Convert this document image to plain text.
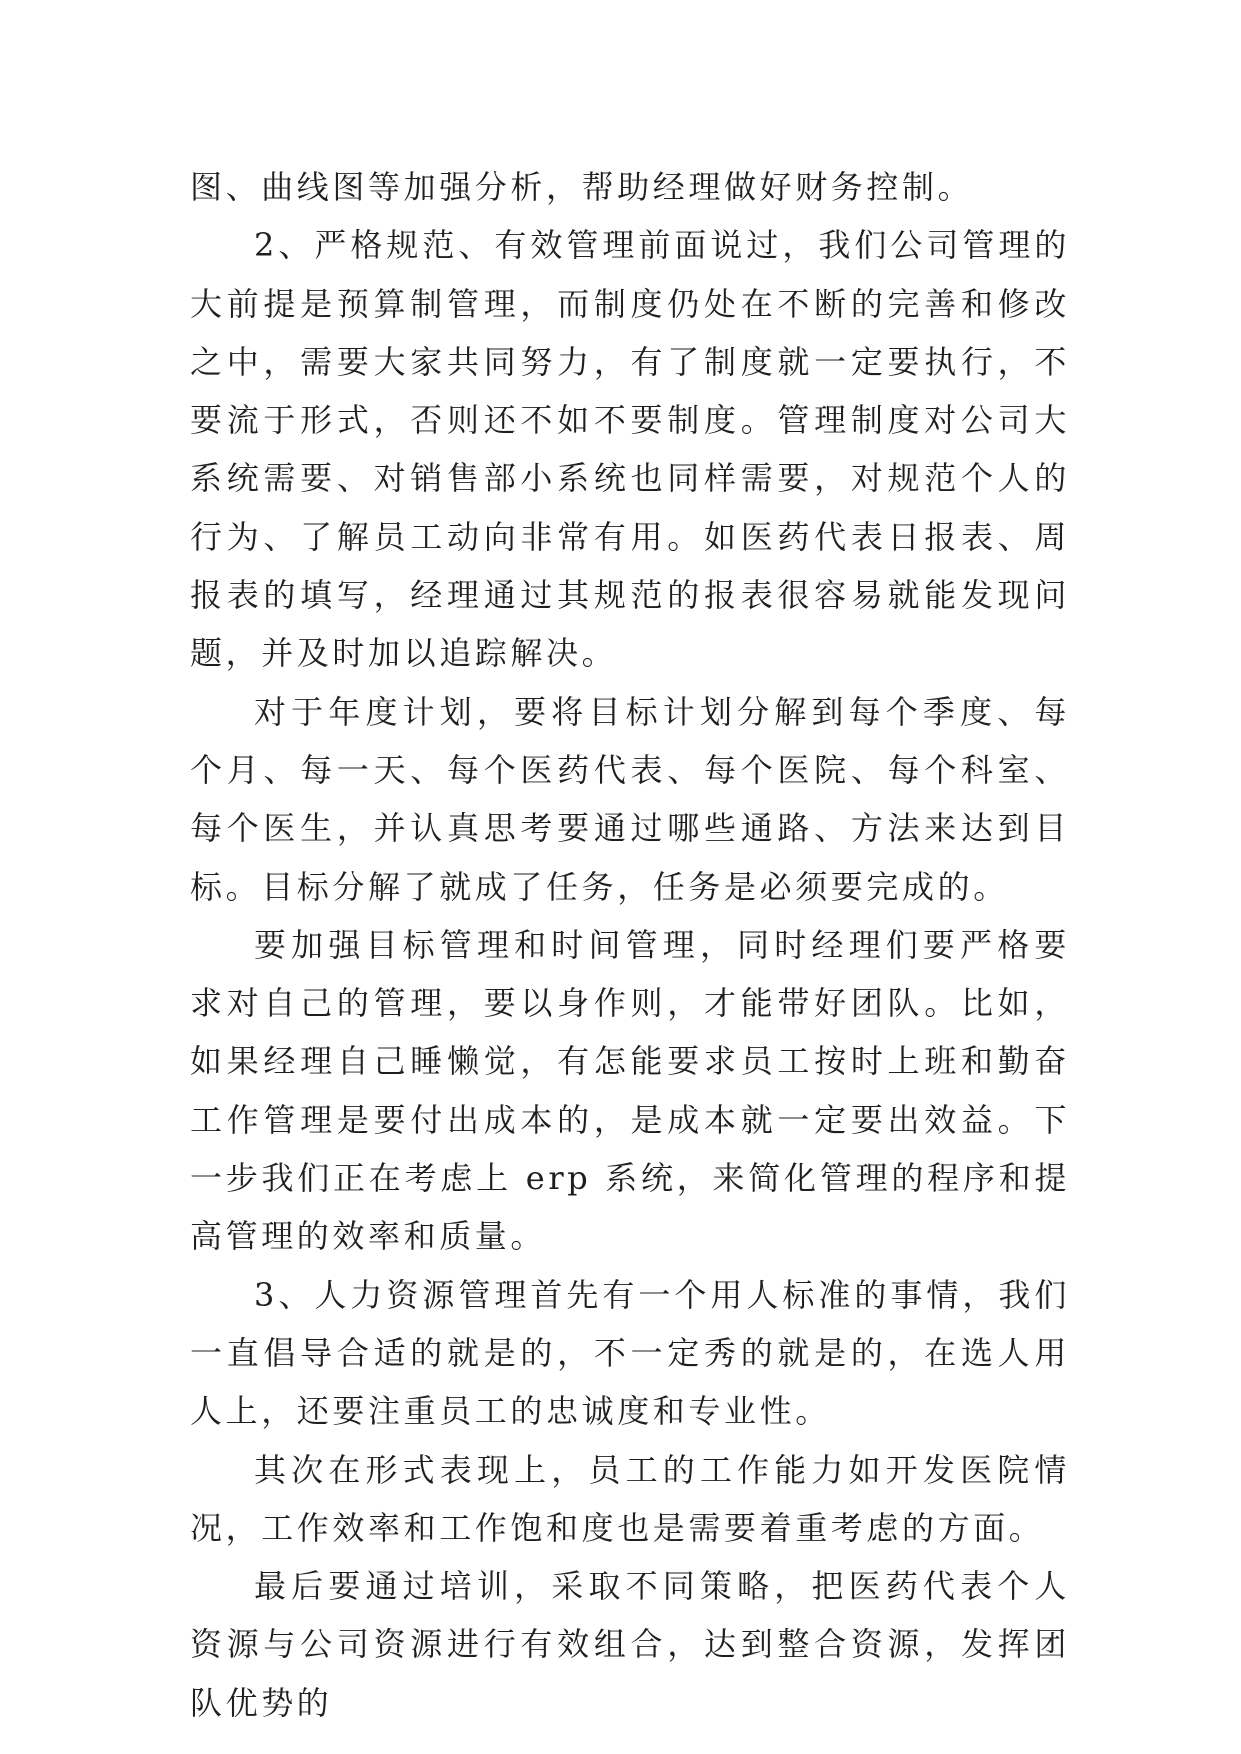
图、曲线图等加强分析，帮助经理做好财务控制。

2、严格规范、有效管理前面说过，我们公司管理的大前提是预算制管理，而制度仍处在不断的完善和修改之中，需要大家共同努力，有了制度就一定要执行，不要流于形式，否则还不如不要制度。管理制度对公司大系统需要、对销售部小系统也同样需要，对规范个人的行为、了解员工动向非常有用。如医药代表日报表、周报表的填写，经理通过其规范的报表很容易就能发现问题，并及时加以追踪解决。

对于年度计划，要将目标计划分解到每个季度、每个月、每一天、每个医药代表、每个医院、每个科室、每个医生，并认真思考要通过哪些通路、方法来达到目标。目标分解了就成了任务，任务是必须要完成的。

要加强目标管理和时间管理，同时经理们要严格要求对自己的管理，要以身作则，才能带好团队。比如，如果经理自己睡懒觉，有怎能要求员工按时上班和勤奋工作管理是要付出成本的，是成本就一定要出效益。下一步我们正在考虑上 erp 系统，来简化管理的程序和提高管理的效率和质量。

3、人力资源管理首先有一个用人标准的事情，我们一直倡导合适的就是的，不一定秀的就是的，在选人用人上，还要注重员工的忠诚度和专业性。

其次在形式表现上，员工的工作能力如开发医院情况，工作效率和工作饱和度也是需要着重考虑的方面。

最后要通过培训，采取不同策略，把医药代表个人资源与公司资源进行有效组合，达到整合资源，发挥团队优势的
